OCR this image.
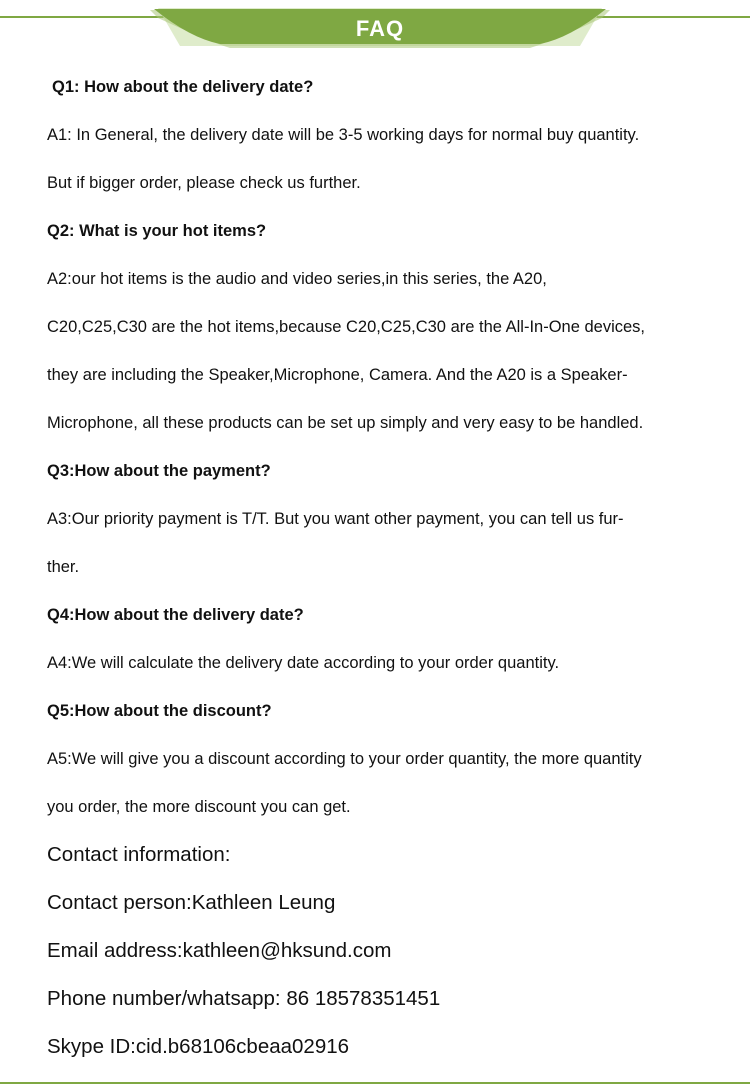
FAQ
Q1: How about the delivery date?
A1: In General, the delivery date will be 3-5 working days for normal buy quantity.
But if bigger order, please check us further.
Q2: What is your hot items?
A2:our hot items is the audio and video series,in this series, the A20,
C20,C25,C30 are the hot items,because C20,C25,C30 are the All-In-One devices,
they are including the Speaker,Microphone, Camera. And the A20 is a Speaker-
Microphone, all these products can be set up simply and very easy to be handled.
Q3:How about the payment?
A3:Our priority payment is T/T. But you want other payment, you can tell us fur-
ther.
Q4:How about the delivery date?
A4:We will calculate the delivery date according to your order quantity.
Q5:How about the discount?
A5:We will give you a discount according to your order quantity, the more quantity
you order, the more discount you can get.
Contact information:
Contact person:Kathleen Leung
Email address:kathleen@hksund.com
Phone number/whatsapp: 86 18578351451
Skype ID:cid.b68106cbeaa02916
